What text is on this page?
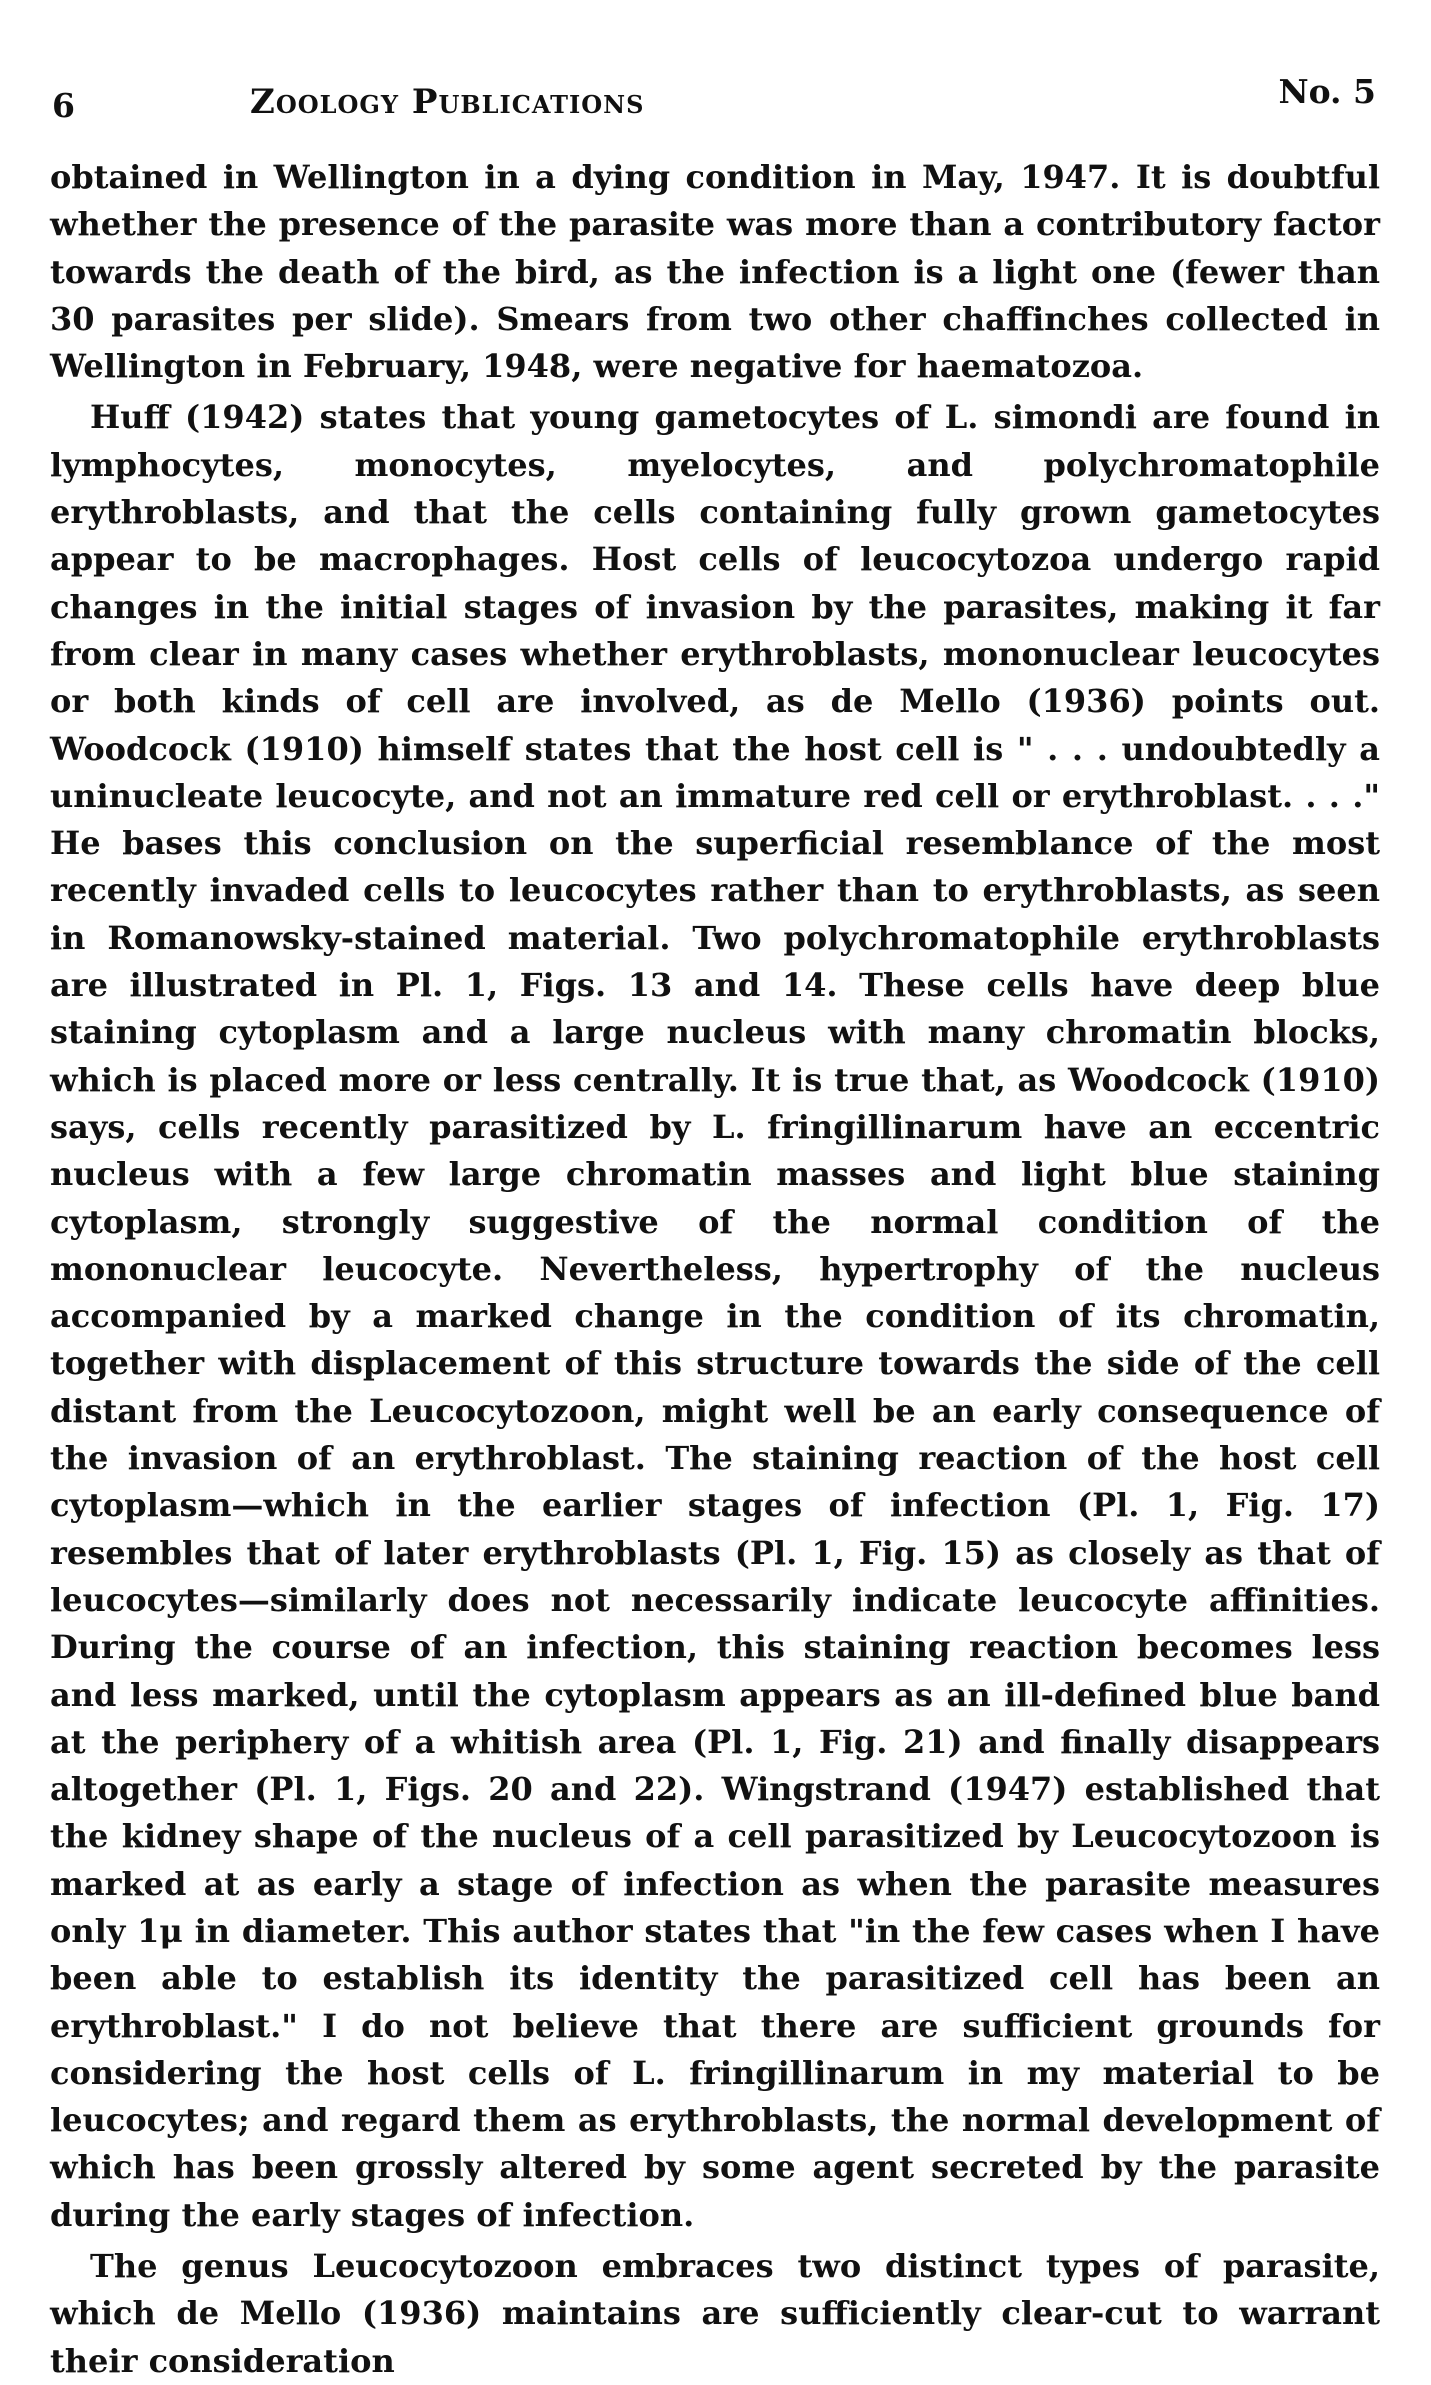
6	Zoology Publications	No. 5

obtained in Wellington in a dying condition in May, 1947. It is doubtful whether the presence of the parasite was more than a contributory factor towards the death of the bird, as the infection is a light one (fewer than 30 parasites per slide). Smears from two other chaffinches collected in Wellington in February, 1948, were negative for haematozoa.

Huff (1942) states that young gametocytes of L. simondi are found in lymphocytes, monocytes, myelocytes, and polychromatophile erythroblasts, and that the cells containing fully grown gametocytes appear to be macrophages. Host cells of leucocytozoa undergo rapid changes in the initial stages of invasion by the parasites, making it far from clear in many cases whether erythroblasts, mononuclear leucocytes or both kinds of cell are involved, as de Mello (1936) points out. Woodcock (1910) himself states that the host cell is " . . . undoubtedly a uninucleate leucocyte, and not an immature red cell or erythroblast. . . ." He bases this conclusion on the superficial resemblance of the most recently invaded cells to leucocytes rather than to erythroblasts, as seen in Romanowsky-stained material. Two polychromatophile erythroblasts are illustrated in Pl. 1, Figs. 13 and 14. These cells have deep blue staining cytoplasm and a large nucleus with many chromatin blocks, which is placed more or less centrally. It is true that, as Woodcock (1910) says, cells recently parasitized by L. fringillinarum have an eccentric nucleus with a few large chromatin masses and light blue staining cytoplasm, strongly suggestive of the normal condition of the mononuclear leucocyte. Nevertheless, hypertrophy of the nucleus accompanied by a marked change in the condition of its chromatin, together with displacement of this structure towards the side of the cell distant from the Leucocytozoon, might well be an early consequence of the invasion of an erythroblast. The staining reaction of the host cell cytoplasm—which in the earlier stages of infection (Pl. 1, Fig. 17) resembles that of later erythroblasts (Pl. 1, Fig. 15) as closely as that of leucocytes—similarly does not necessarily indicate leucocyte affinities. During the course of an infection, this staining reaction becomes less and less marked, until the cytoplasm appears as an ill-defined blue band at the periphery of a whitish area (Pl. 1, Fig. 21) and finally disappears altogether (Pl. 1, Figs. 20 and 22). Wingstrand (1947) established that the kidney shape of the nucleus of a cell parasitized by Leucocytozoon is marked at as early a stage of infection as when the parasite measures only 1μ in diameter. This author states that "in the few cases when I have been able to establish its identity the parasitized cell has been an erythroblast." I do not believe that there are sufficient grounds for considering the host cells of L. fringillinarum in my material to be leucocytes; and regard them as erythroblasts, the normal development of which has been grossly altered by some agent secreted by the parasite during the early stages of infection.

The genus Leucocytozoon embraces two distinct types of parasite, which de Mello (1936) maintains are sufficiently clear-cut to warrant their consideration
